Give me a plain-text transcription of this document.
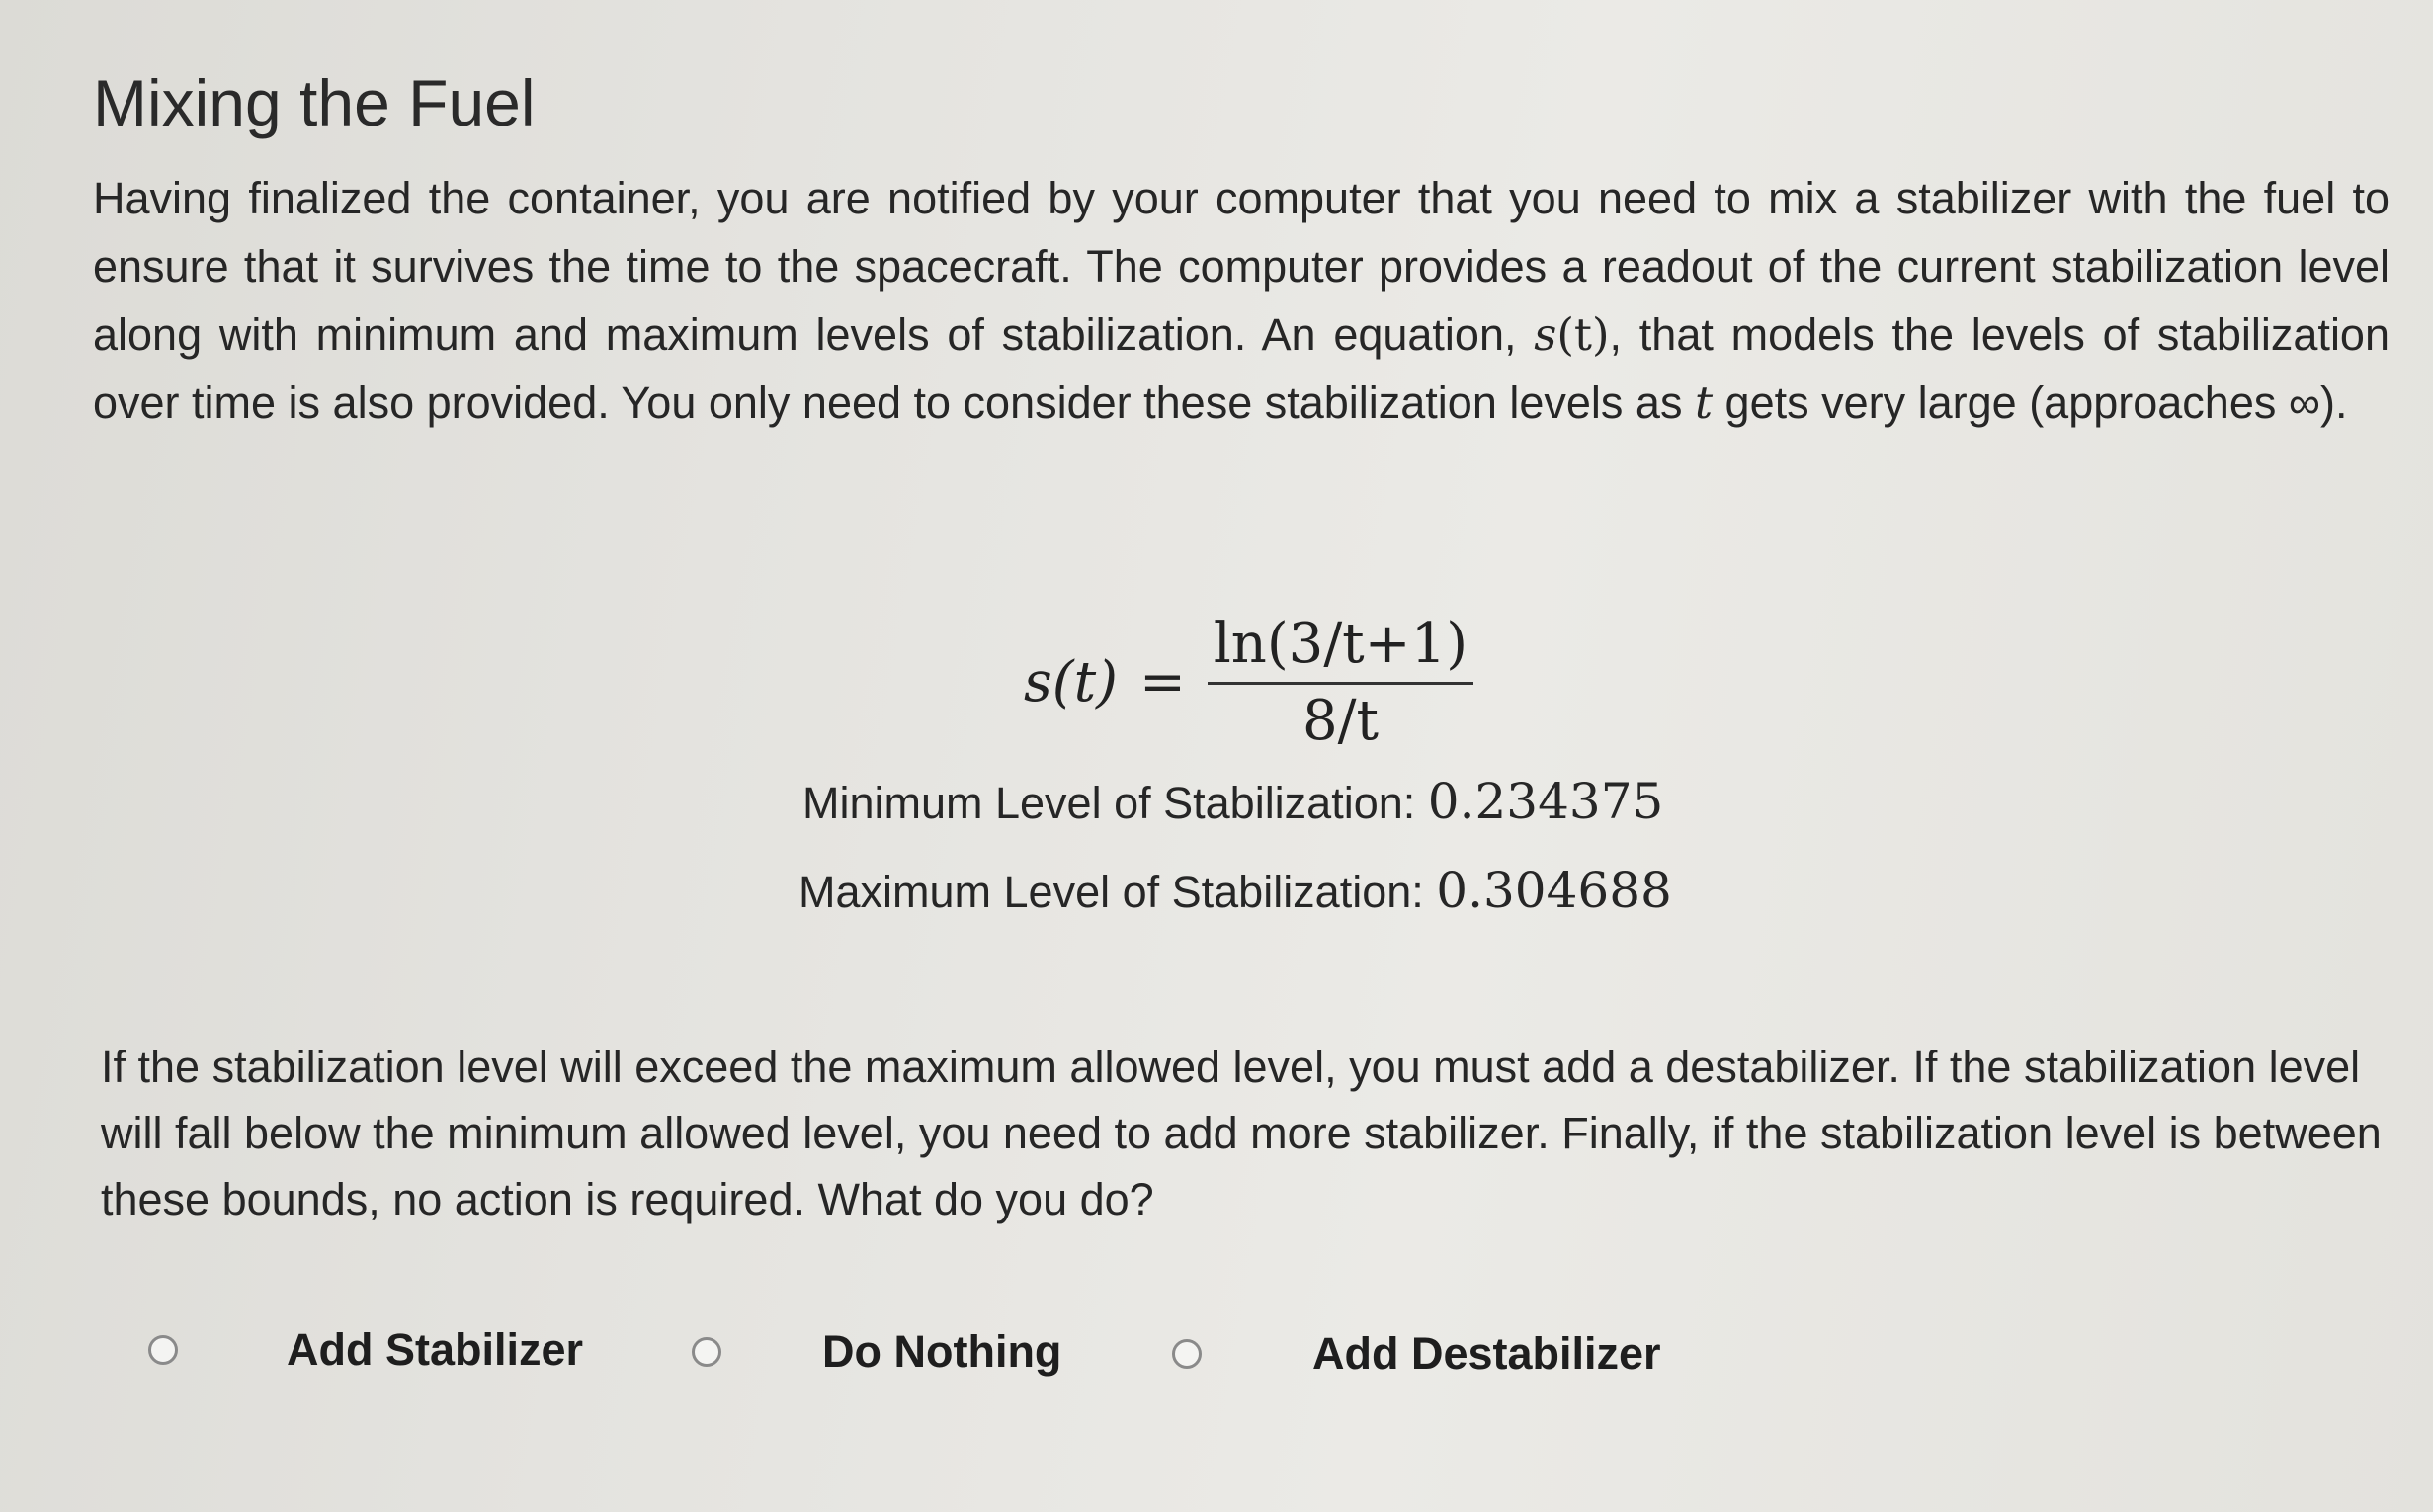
Mixing the Fuel

Having finalized the container, you are notified by your computer that you need to mix a stabilizer with the fuel to ensure that it survives the time to the spacecraft. The computer provides a readout of the current stabilization level along with minimum and maximum levels of stabilization. An equation, s(t), that models the levels of stabilization over time is also provided. You only need to consider these stabilization levels as t gets very large (approaches ∞).

$s(t) = \frac{\ln(3/t+1)}{8/t}$
Minimum Level of Stabilization: 0.234375
Maximum Level of Stabilization: 0.304688

If the stabilization level will exceed the maximum allowed level, you must add a destabilizer. If the stabilization level will fall below the minimum allowed level, you need to add more stabilizer. Finally, if the stabilization level is between these bounds, no action is required. What do you do?

Add Stabilizer	Do Nothing	Add Destabilizer
